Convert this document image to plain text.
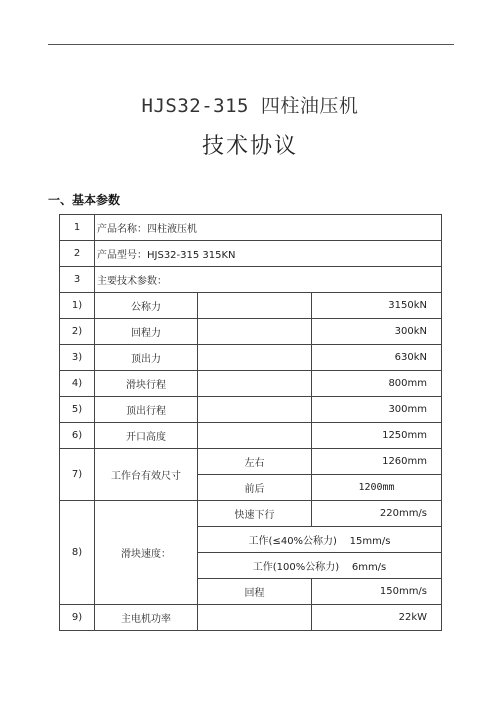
HJS32-315 四柱油压机
技术协议
一、基本参数
1	产品名称：四柱液压机		
2	产品型号：HJS32-315 315KN		
3	主要技术参数：		
1)	公称力		3150kN
2)	回程力		300kN
3)	顶出力		630kN
4)	滑块行程		800mm
5)	顶出行程		300mm
6)	开口高度		1250mm
7)	工作台有效尺寸	左右	1260mm
		前后	1200mm
8)	滑块速度：	快速下行	220mm/s
		工作(≤40%公称力)    15mm/s	
		工作(100%公称力)    6mm/s	
		回程	150mm/s
9)	主电机功率		22kW
